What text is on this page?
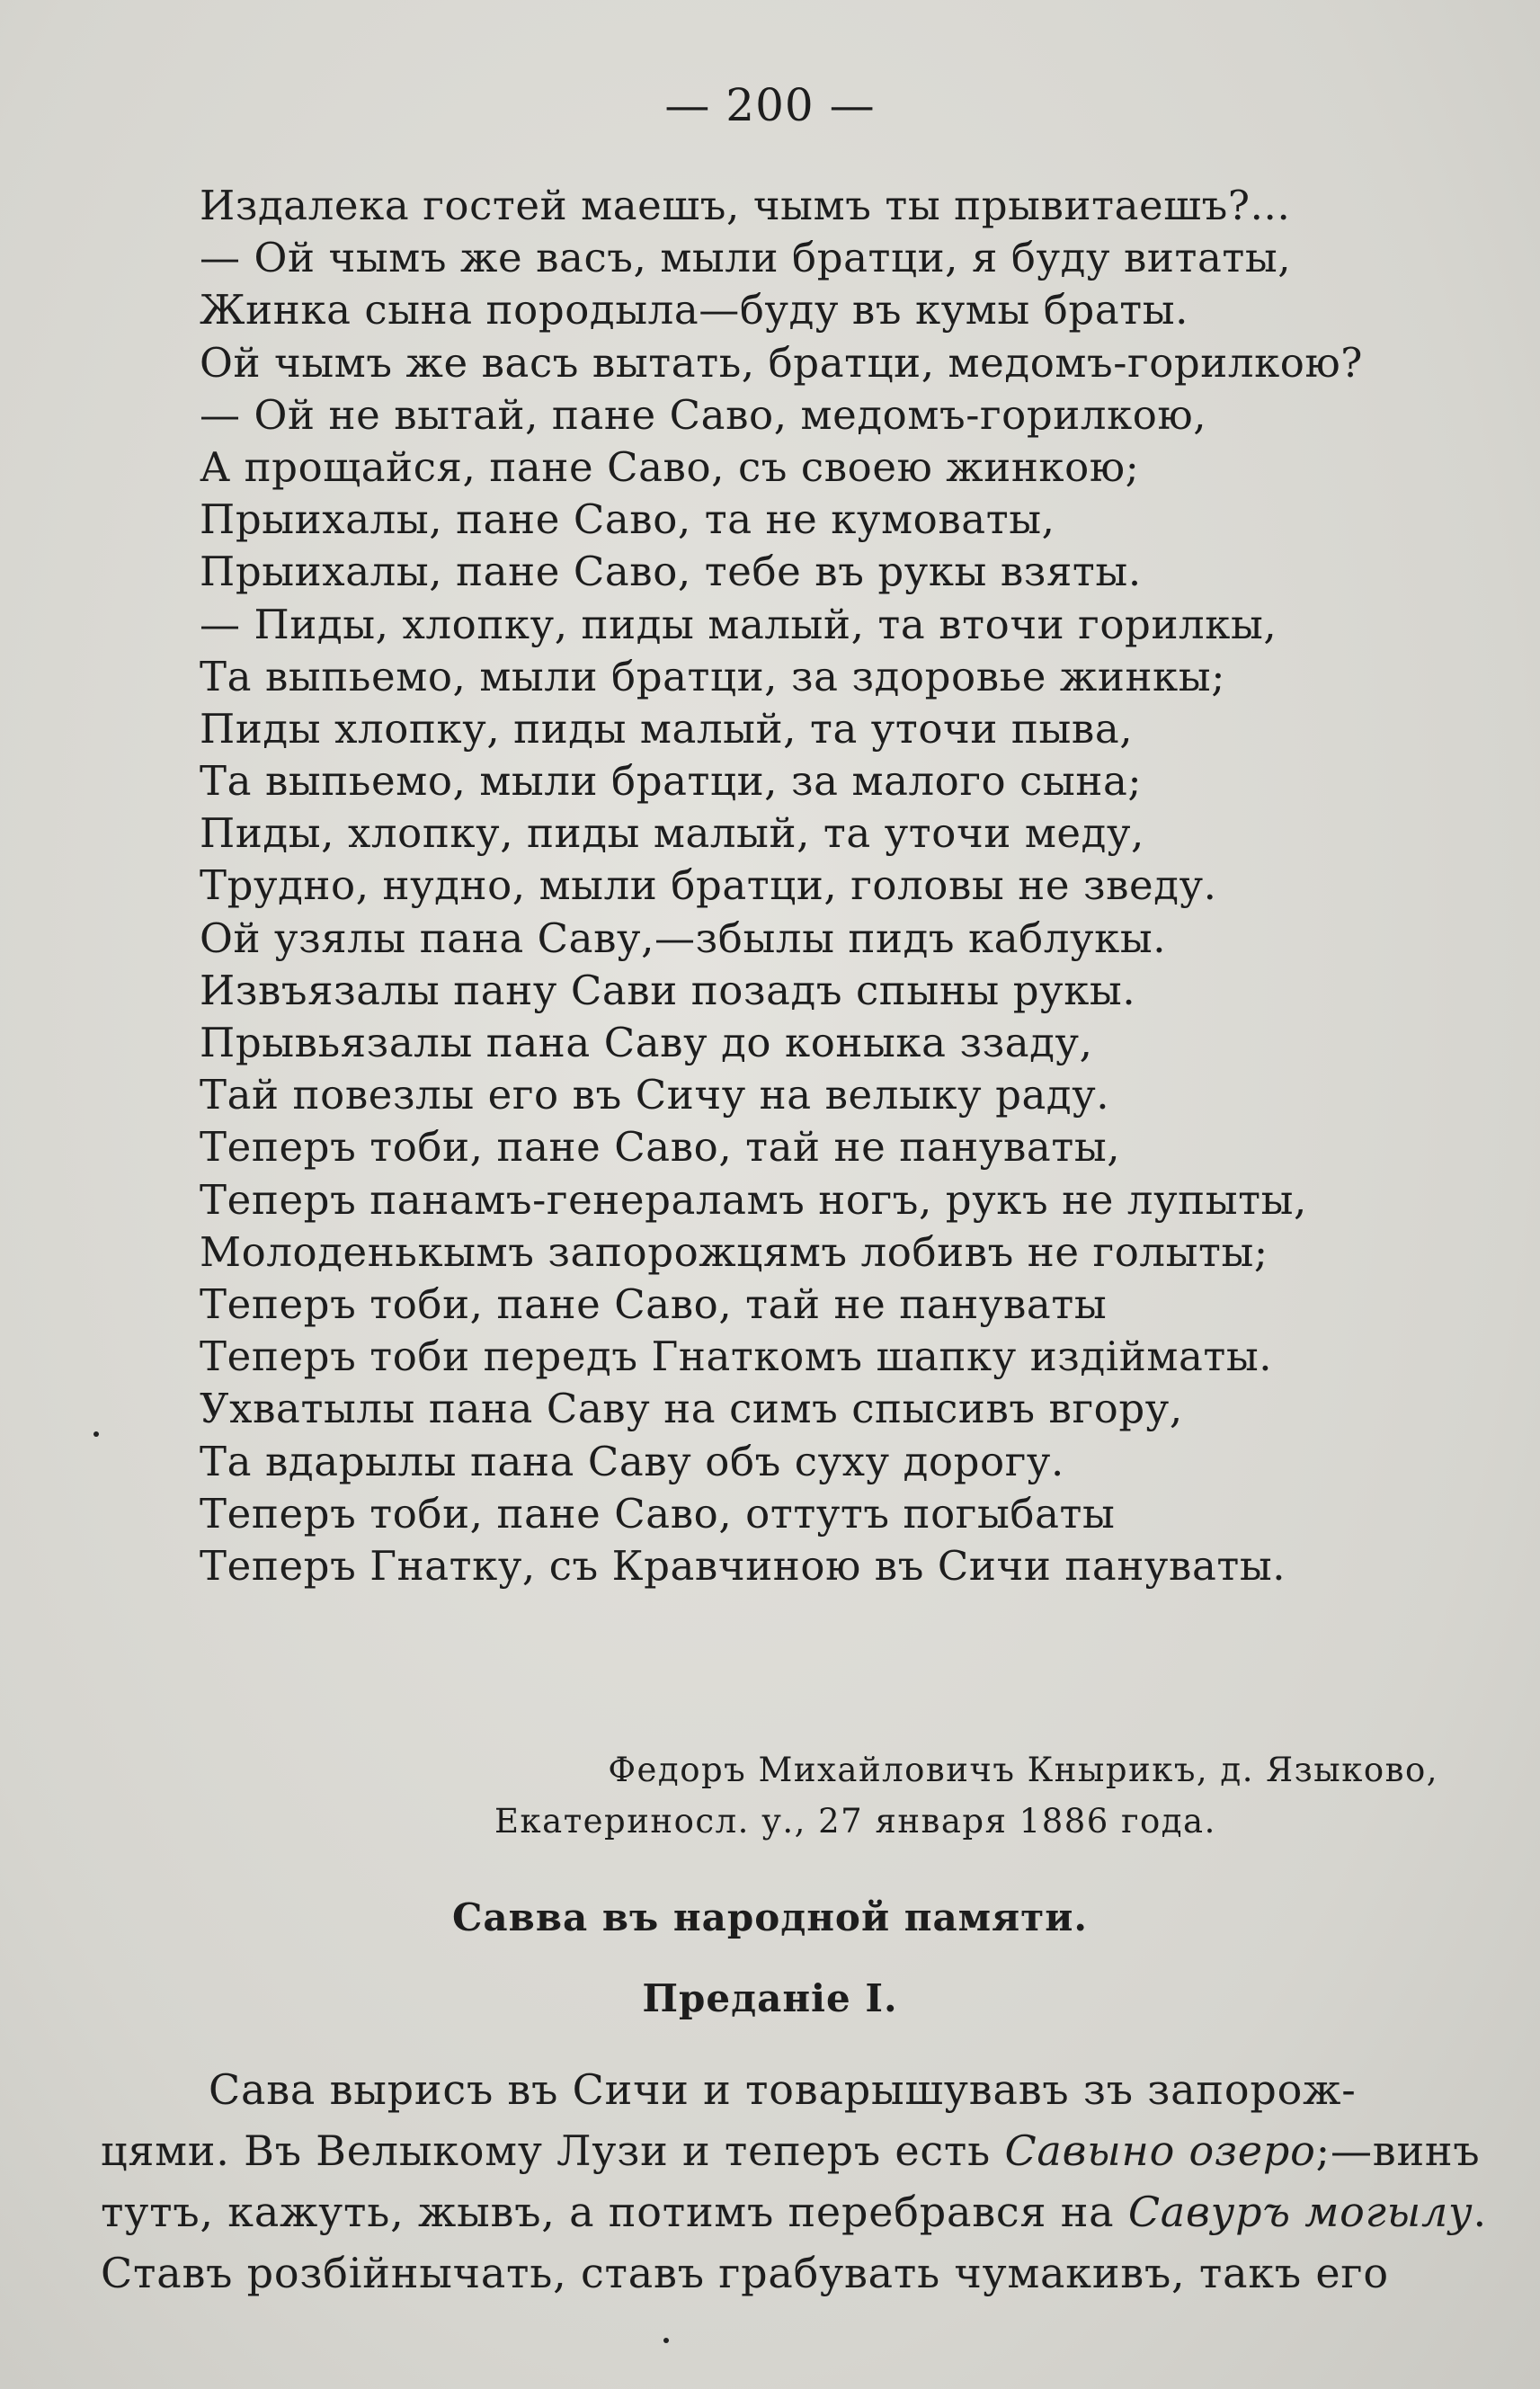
— 200 —
Издалека гостей маешъ, чымъ ты прывитаешъ?...
— Ой чымъ же васъ, мыли братци, я буду витаты,
Жинка сына породыла—буду въ кумы браты.
Ой чымъ же васъ вытать, братци, медомъ-горилкою?
— Ой не вытай, пане Саво, медомъ-горилкою,
А прощайся, пане Саво, съ своею жинкою;
Прыихалы, пане Саво, та не кумоваты,
Прыихалы, пане Саво, тебе въ рукы взяты.
— Пиды, хлопку, пиды малый, та вточи горилкы,
Та выпьемо, мыли братци, за здоровье жинкы;
Пиды хлопку, пиды малый, та уточи пыва,
Та выпьемо, мыли братци, за малого сына;
Пиды, хлопку, пиды малый, та уточи меду,
Трудно, нудно, мыли братци, головы не зведу.
Ой узялы пана Саву,—збылы пидъ каблукы.
Извъязалы пану Сави позадъ спыны рукы.
Прывьязалы пана Саву до коныка ззаду,
Тай повезлы его въ Сичу на велыку раду.
Теперъ тоби, пане Саво, тай не пануваты,
Теперъ панамъ-генераламъ ногъ, рукъ не лупыты,
Молоденькымъ запорожцямъ лобивъ не голыты;
Теперъ тоби, пане Саво, тай не пануваты
Теперъ тоби передъ Гнаткомъ шапку издiйматы.
Ухватылы пана Саву на симъ спысивъ вгору,
Та вдарылы пана Саву объ суху дорогу.
Теперъ тоби, пане Саво, оттутъ погыбаты
Теперъ Гнатку, съ Кравчиною въ Сичи пануваты.
Федоръ Михайловичъ Кнырикъ, д. Языково,
Екатериносл. у., 27 января 1886 года.
Савва въ народной памяти.
Преданiе I.
Сава вырисъ въ Сичи и товарышувавъ зъ запорож-
цями. Въ Велыкому Лузи и теперъ есть Савыно озеро;—винъ
тутъ, кажуть, жывъ, а потимъ перебрався на Савуръ могылу.
Ставъ розбiйнычать, ставъ грабувать чумакивъ, такъ его
